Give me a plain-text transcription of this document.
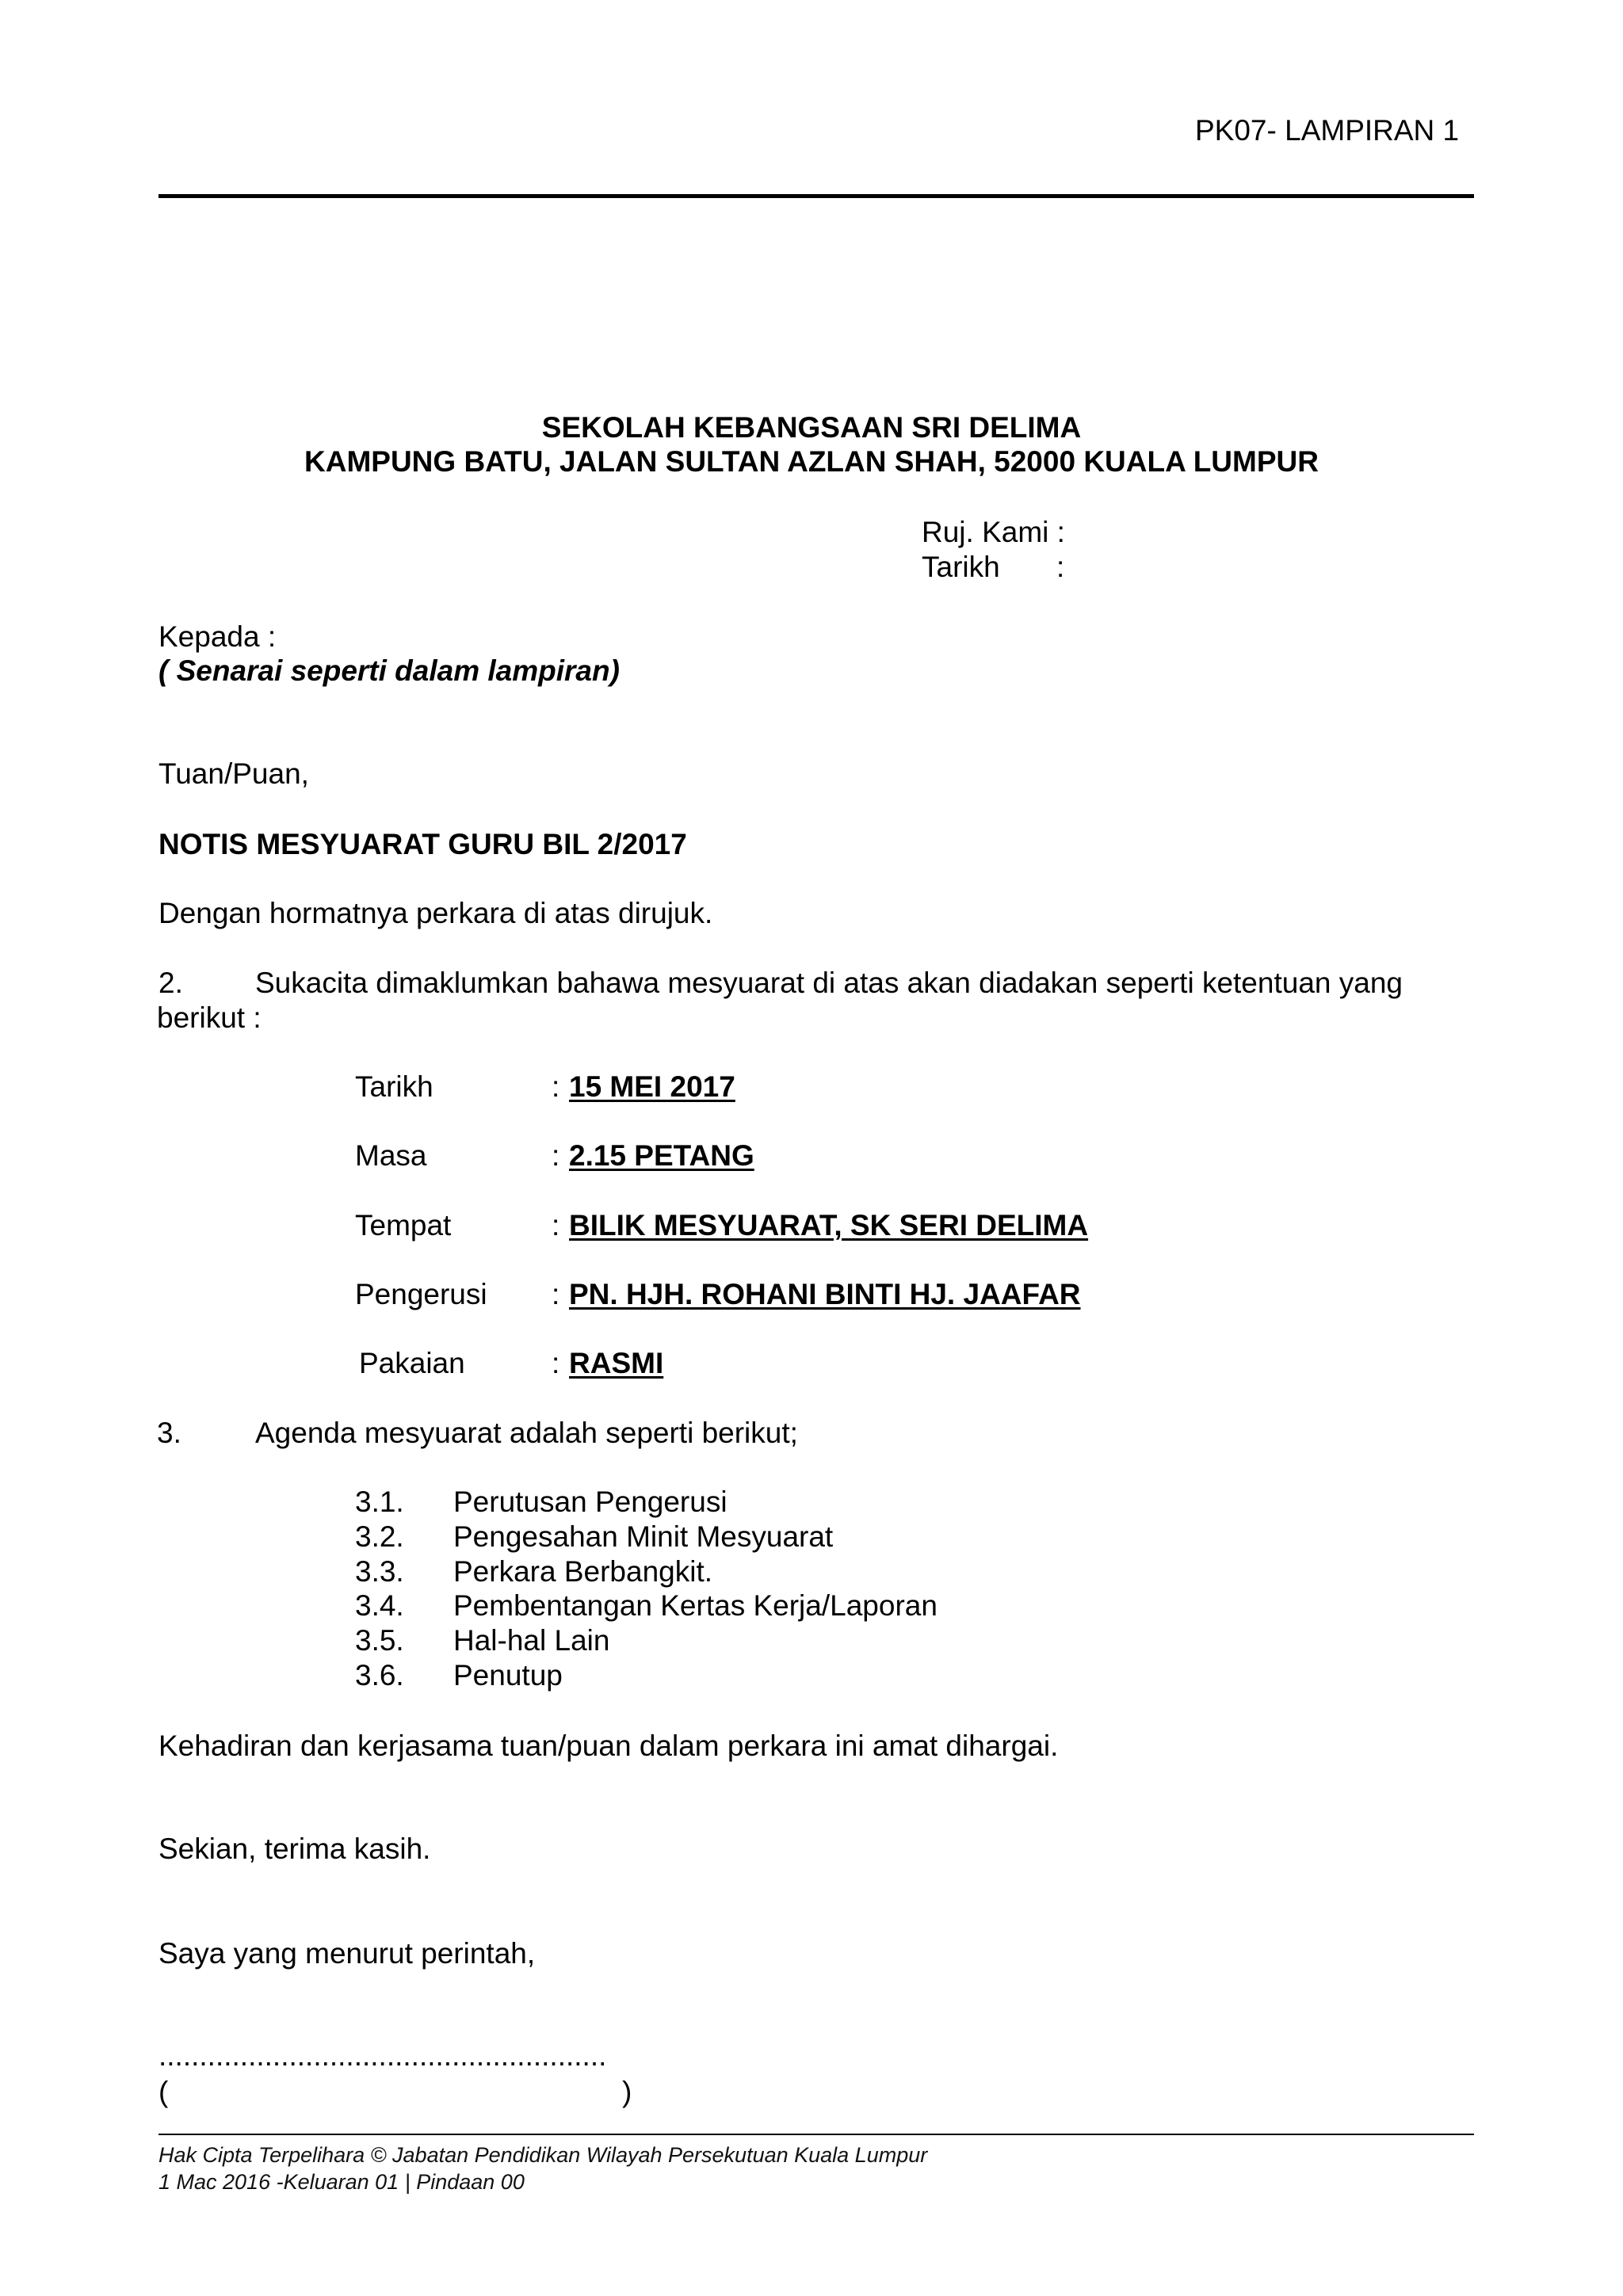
PK07- LAMPIRAN 1
SEKOLAH KEBANGSAAN SRI DELIMA
KAMPUNG BATU, JALAN SULTAN AZLAN SHAH, 52000 KUALA LUMPUR
Ruj. Kami :
Tarikh :
Kepada :
( Senarai seperti dalam lampiran)
Tuan/Puan,
NOTIS MESYUARAT GURU BIL 2/2017
Dengan hormatnya perkara di atas dirujuk.
2. Sukacita dimaklumkan bahawa mesyuarat di atas akan diadakan seperti ketentuan yang
berikut :
Tarikh	: 15 MEI 2017
Masa	: 2.15 PETANG
Tempat	: BILIK MESYUARAT, SK SERI DELIMA
Pengerusi : PN. HJH. ROHANI BINTI HJ. JAAFAR
Pakaian	: RASMI
3.	Agenda mesyuarat adalah seperti berikut;
3.1. Perutusan Pengerusi
3.2. Pengesahan Minit Mesyuarat
3.3. Perkara Berbangkit.
3.4. Pembentangan Kertas Kerja/Laporan
3.5. Hal-hal Lain
3.6. Penutup
Kehadiran dan kerjasama tuan/puan dalam perkara ini amat dihargai.
Sekian, terima kasih.
Saya yang menurut perintah,
.......................................................
(	)
Hak Cipta Terpelihara © Jabatan Pendidikan Wilayah Persekutuan Kuala Lumpur
1 Mac 2016 -Keluaran 01 | Pindaan 00
